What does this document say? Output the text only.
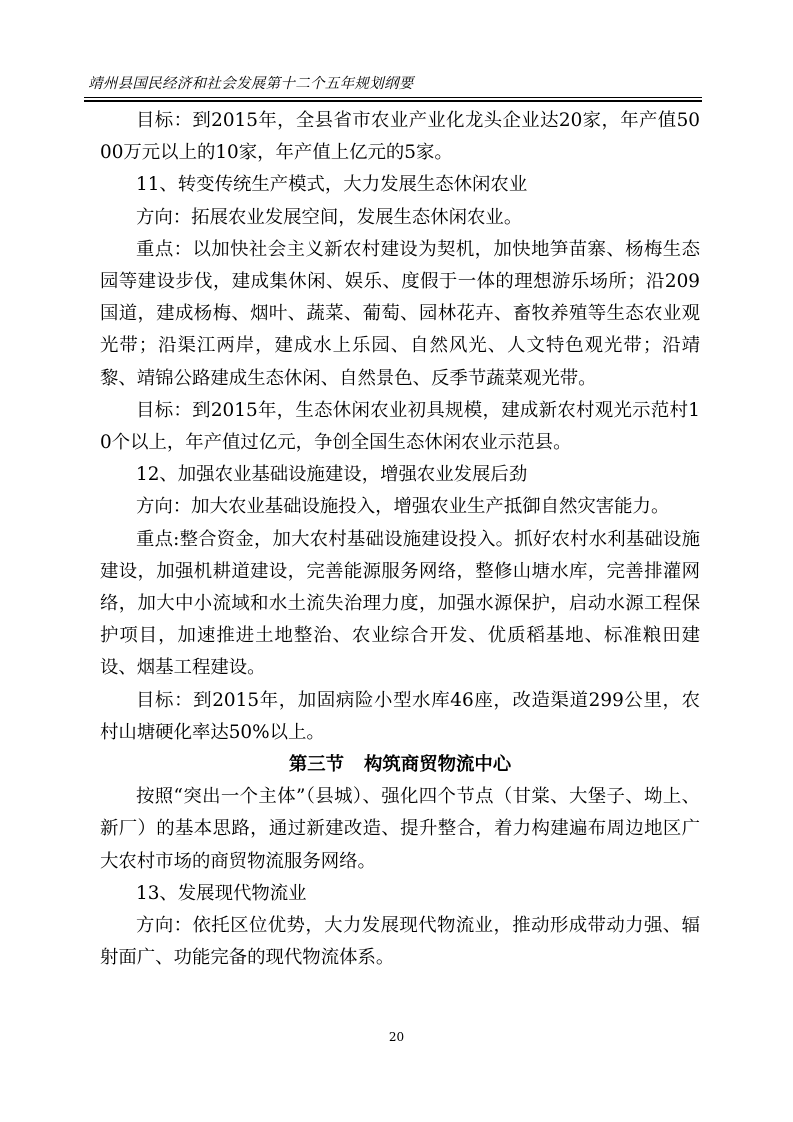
靖州县国民经济和社会发展第十二个五年规划纲要

目标：到2015年，全县省市农业产业化龙头企业达20家，年产值5000万元以上的10家，年产值上亿元的5家。

11、转变传统生产模式，大力发展生态休闲农业

方向：拓展农业发展空间，发展生态休闲农业。

重点：以加快社会主义新农村建设为契机，加快地笋苗寨、杨梅生态园等建设步伐，建成集休闲、娱乐、度假于一体的理想游乐场所；沿209国道，建成杨梅、烟叶、蔬菜、葡萄、园林花卉、畜牧养殖等生态农业观光带；沿渠江两岸，建成水上乐园、自然风光、人文特色观光带；沿靖黎、靖锦公路建成生态休闲、自然景色、反季节蔬菜观光带。

目标：到2015年，生态休闲农业初具规模，建成新农村观光示范村10个以上，年产值过亿元，争创全国生态休闲农业示范县。

12、加强农业基础设施建设，增强农业发展后劲

方向：加大农业基础设施投入，增强农业生产抵御自然灾害能力。

重点:整合资金，加大农村基础设施建设投入。抓好农村水利基础设施建设，加强机耕道建设，完善能源服务网络，整修山塘水库，完善排灌网络，加大中小流域和水土流失治理力度，加强水源保护，启动水源工程保护项目，加速推进土地整治、农业综合开发、优质稻基地、标准粮田建设、烟基工程建设。

目标：到2015年，加固病险小型水库46座，改造渠道299公里，农村山塘硬化率达50%以上。

第三节 构筑商贸物流中心

按照“突出一个主体”（县城）、强化四个节点（甘棠、大堡子、坳上、新厂）的基本思路，通过新建改造、提升整合，着力构建遍布周边地区广大农村市场的商贸物流服务网络。

13、发展现代物流业

方向：依托区位优势，大力发展现代物流业，推动形成带动力强、辐射面广、功能完备的现代物流体系。

20
